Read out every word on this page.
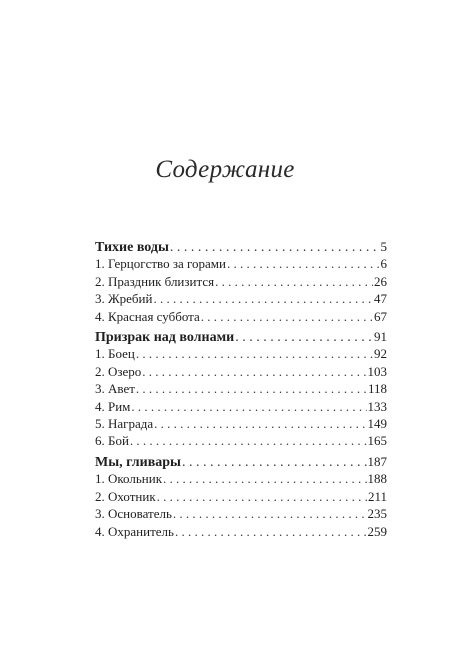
Содержание
Тихие воды . . .	5
1. Герцогство за горами . . .	6
2. Праздник близится . . .	26
3. Жребий . . .	47
4. Красная суббота . . .	67
Призрак над волнами . . .	91
1. Боец . . .	92
2. Озеро . . .	103
3. Авет . . .	118
4. Рим . . .	133
5. Награда . . .	149
6. Бой . . .	165
Мы, гливары . . .	187
1. Окольник . . .	188
2. Охотник . . .	211
3. Основатель . . .	235
4. Охранитель . . .	259
